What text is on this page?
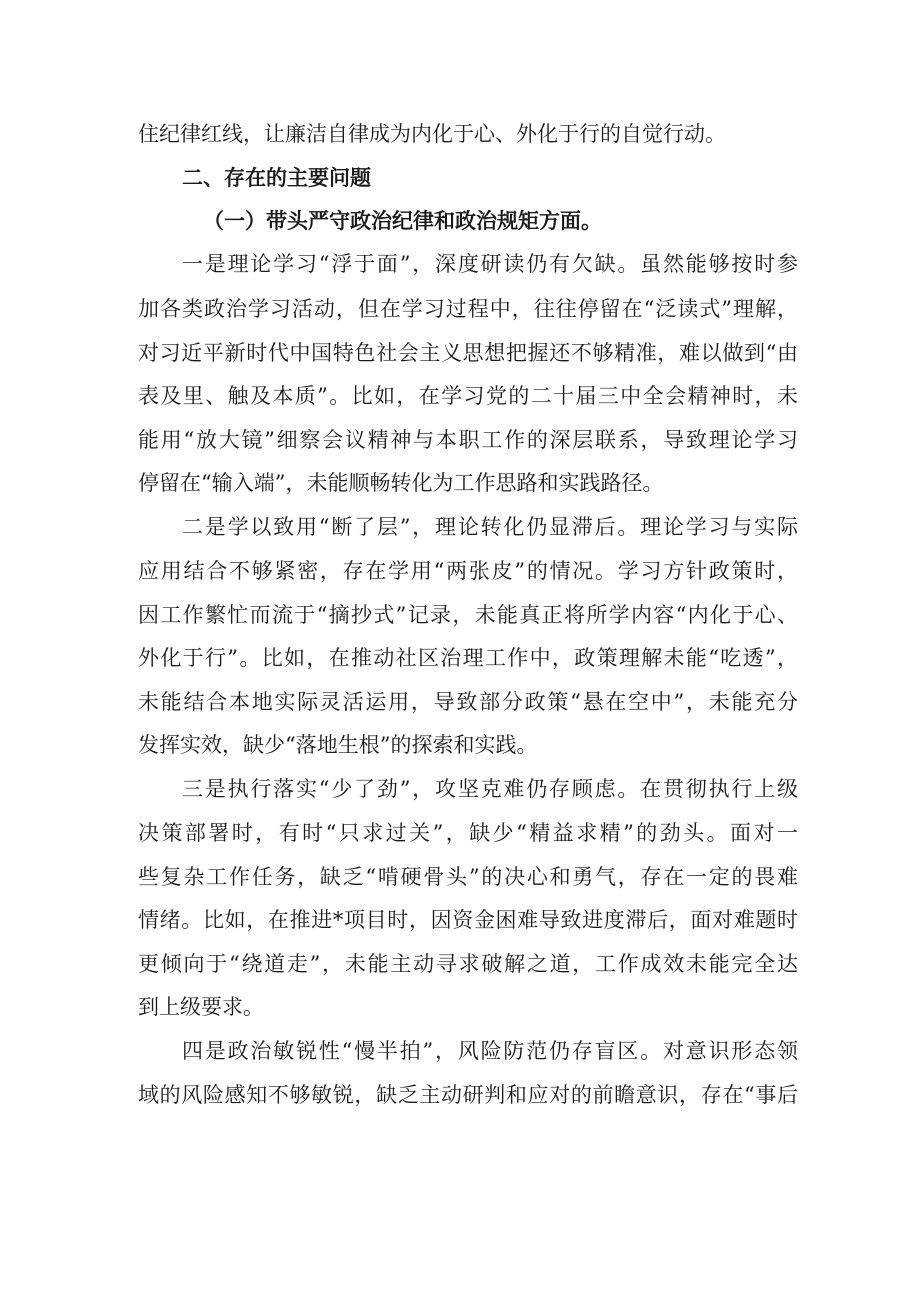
住纪律红线，让廉洁自律成为内化于心、外化于行的自觉行动。
二、存在的主要问题
（一）带头严守政治纪律和政治规矩方面。
一是理论学习“浮于面”，深度研读仍有欠缺。虽然能够按时参
加各类政治学习活动，但在学习过程中，往往停留在“泛读式”理解，
对习近平新时代中国特色社会主义思想把握还不够精准，难以做到“由
表及里、触及本质”。比如，在学习党的二十届三中全会精神时，未
能用“放大镜”细察会议精神与本职工作的深层联系，导致理论学习
停留在“输入端”，未能顺畅转化为工作思路和实践路径。
二是学以致用“断了层”，理论转化仍显滞后。理论学习与实际
应用结合不够紧密，存在学用“两张皮”的情况。学习方针政策时，
因工作繁忙而流于“摘抄式”记录，未能真正将所学内容“内化于心、
外化于行”。比如，在推动社区治理工作中，政策理解未能“吃透”，
未能结合本地实际灵活运用，导致部分政策“悬在空中”，未能充分
发挥实效，缺少“落地生根”的探索和实践。
三是执行落实“少了劲”，攻坚克难仍存顾虑。在贯彻执行上级
决策部署时，有时“只求过关”，缺少“精益求精”的劲头。面对一
些复杂工作任务，缺乏“啃硬骨头”的决心和勇气，存在一定的畏难
情绪。比如，在推进*项目时，因资金困难导致进度滞后，面对难题时
更倾向于“绕道走”，未能主动寻求破解之道，工作成效未能完全达
到上级要求。
四是政治敏锐性“慢半拍”，风险防范仍存盲区。对意识形态领
域的风险感知不够敏锐，缺乏主动研判和应对的前瞻意识，存在“事后
